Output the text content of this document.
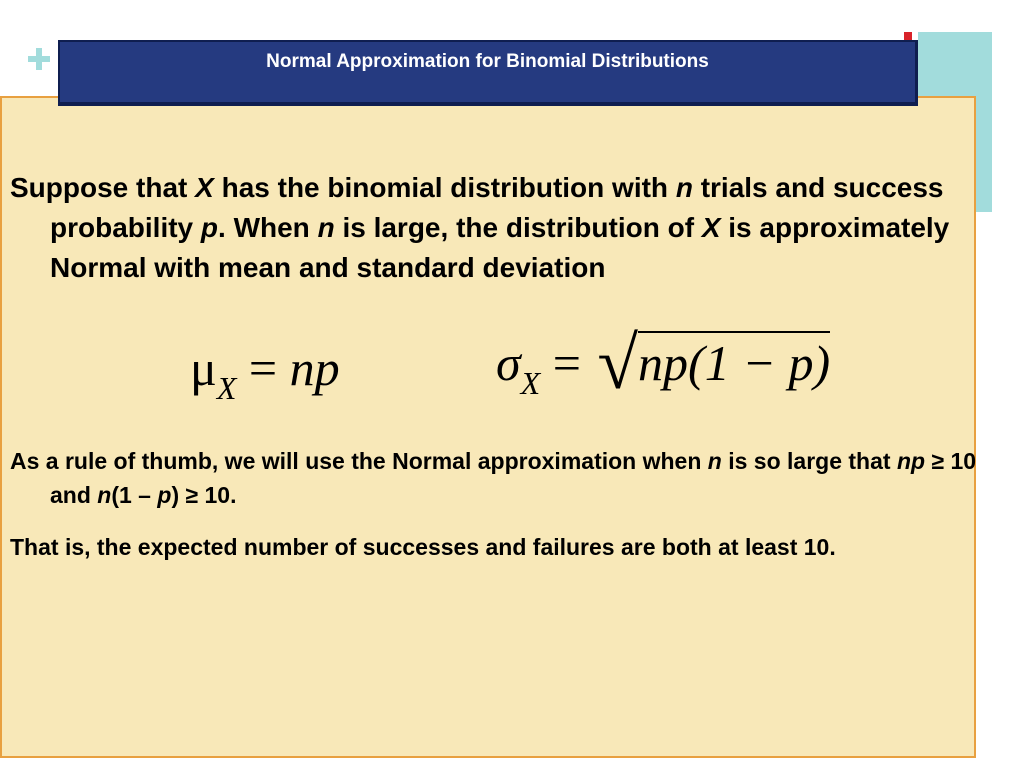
Normal Approximation for Binomial Distributions
Suppose that X has the binomial distribution with n trials and success probability p. When n is large, the distribution of X is approximately Normal with mean and standard deviation
$\mu_X$ = np	$\sigma_X = √np(1 - p)$
As a rule of thumb, we will use the Normal approximation when n is so large that np ≥ 10 and n(1 – p) ≥ 10.
That is, the expected number of successes and failures are both at least 10.
